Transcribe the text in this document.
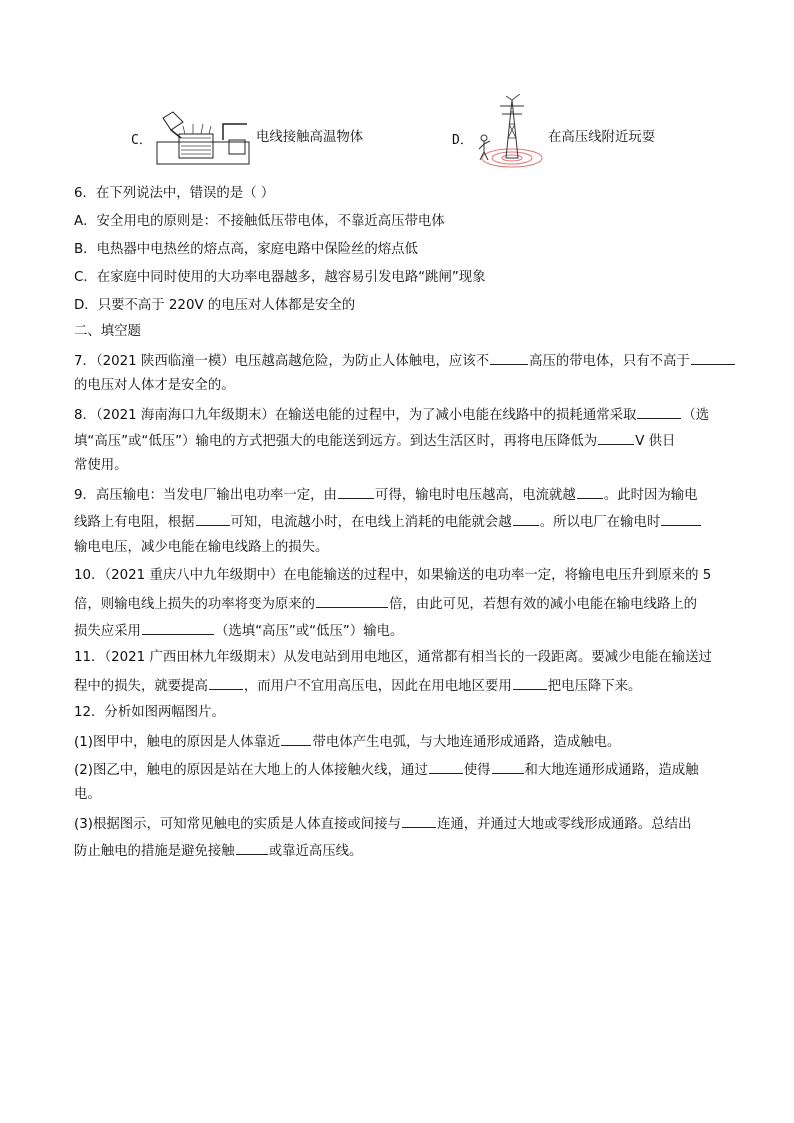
C．	电线接触高温物体	D．	在高压线附近玩耍
6．在下列说法中，错误的是（ ）
A．安全用电的原则是：不接触低压带电体，不靠近高压带电体
B．电热器中电热丝的熔点高，家庭电路中保险丝的熔点低
C．在家庭中同时使用的大功率电器越多，越容易引发电路“跳闸”现象
D．只要不高于 220V 的电压对人体都是安全的
二、填空题
7．（2021 陕西临潼一模）电压越高越危险，为防止人体触电，应该不	高压的带电体，只有不高于
的电压对人体才是安全的。
8．（2021 海南海口九年级期末）在输送电能的过程中，为了减小电能在线路中的损耗通常采取	（选
填“高压”或“低压”）输电的方式把强大的电能送到远方。到达生活区时，再将电压降低为	V 供日
常使用。
9．高压输电：当发电厂输出电功率一定，由	可得，输电时电压越高，电流就越 。此时因为输电
线路上有电阻，根据	可知，电流越小时，在电线上消耗的电能就会越 。所以电厂在输电时
输电电压，减少电能在输电线路上的损失。
10．（2021 重庆八中九年级期中）在电能输送的过程中，如果输送的电功率一定，将输电电压升到原来的 5
倍，则输电线上损失的功率将变为原来的	倍，由此可见，若想有效的减小电能在输电线路上的
损失应采用	（选填“高压”或“低压”）输电。
11．（2021 广西田林九年级期末）从发电站到用电地区，通常都有相当长的一段距离。要减少电能在输送过
程中的损失，就要提高	，而用户不宜用高压电，因此在用电地区要用	把电压降下来。
12．分析如图两幅图片。
(1)图甲中，触电的原因是人体靠近 带电体产生电弧，与大地连通形成通路，造成触电。
(2)图乙中，触电的原因是站在大地上的人体接触火线，通过	使得	和大地连通形成通路，造成触
电。
(3)根据图示，可知常见触电的实质是人体直接或间接与	连通，并通过大地或零线形成通路。总结出
防止触电的措施是避免接触	或靠近高压线。
